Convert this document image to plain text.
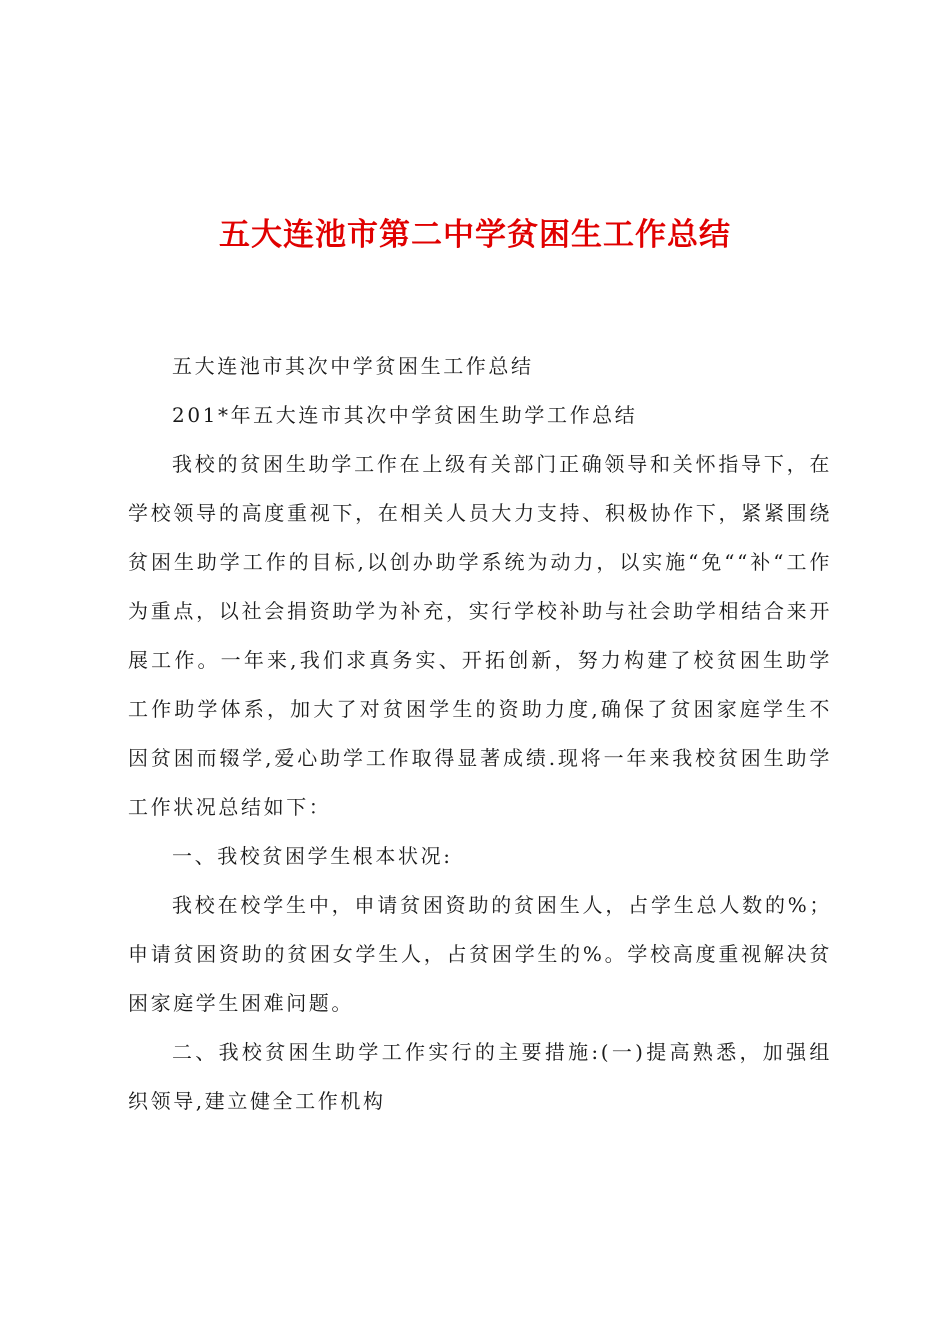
五大连池市第二中学贫困生工作总结

五大连池市其次中学贫困生工作总结

201*年五大连市其次中学贫困生助学工作总结

我校的贫困生助学工作在上级有关部门正确领导和关怀指导下，在学校领导的高度重视下，在相关人员大力支持、积极协作下，紧紧围绕贫困生助学工作的目标,以创办助学系统为动力，以实施“免““补“工作为重点，以社会捐资助学为补充，实行学校补助与社会助学相结合来开展工作。一年来,我们求真务实、开拓创新，努力构建了校贫困生助学工作助学体系，加大了对贫困学生的资助力度,确保了贫困家庭学生不因贫困而辍学,爱心助学工作取得显著成绩.现将一年来我校贫困生助学工作状况总结如下：

一、我校贫困学生根本状况:

我校在校学生中，申请贫困资助的贫困生人，占学生总人数的%；申请贫困资助的贫困女学生人，占贫困学生的%。学校高度重视解决贫困家庭学生困难问题。

二、我校贫困生助学工作实行的主要措施:(一)提高熟悉，加强组织领导,建立健全工作机构
